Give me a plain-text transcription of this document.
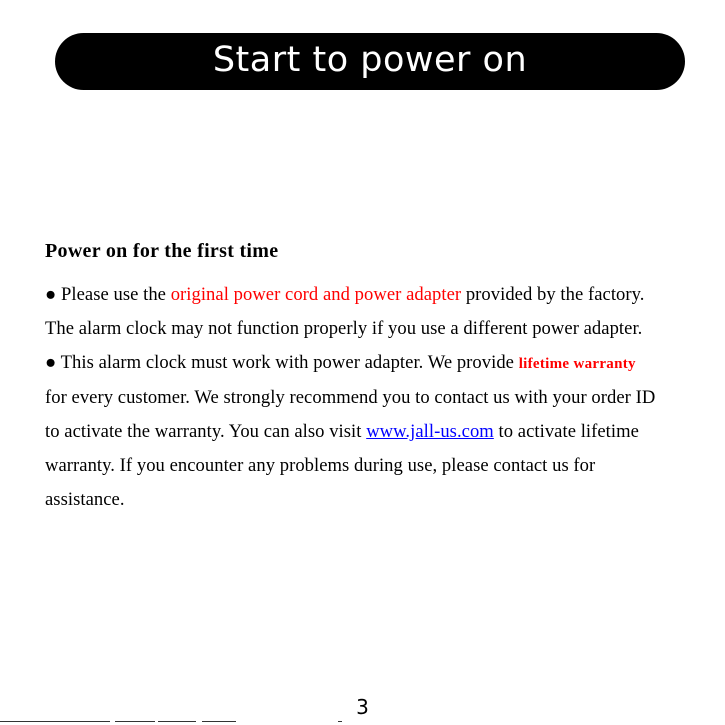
Start to power on
Power on for the first time
● Please use the original power cord and power adapter provided by the factory.
The alarm clock may not function properly if you use a different power adapter.
● This alarm clock must work with power adapter. We provide lifetime warranty
for every customer. We strongly recommend you to contact us with your order ID
to activate the warranty. You can also visit www.jall-us.com to activate lifetime
warranty. If you encounter any problems during use, please contact us for
assistance.
3
